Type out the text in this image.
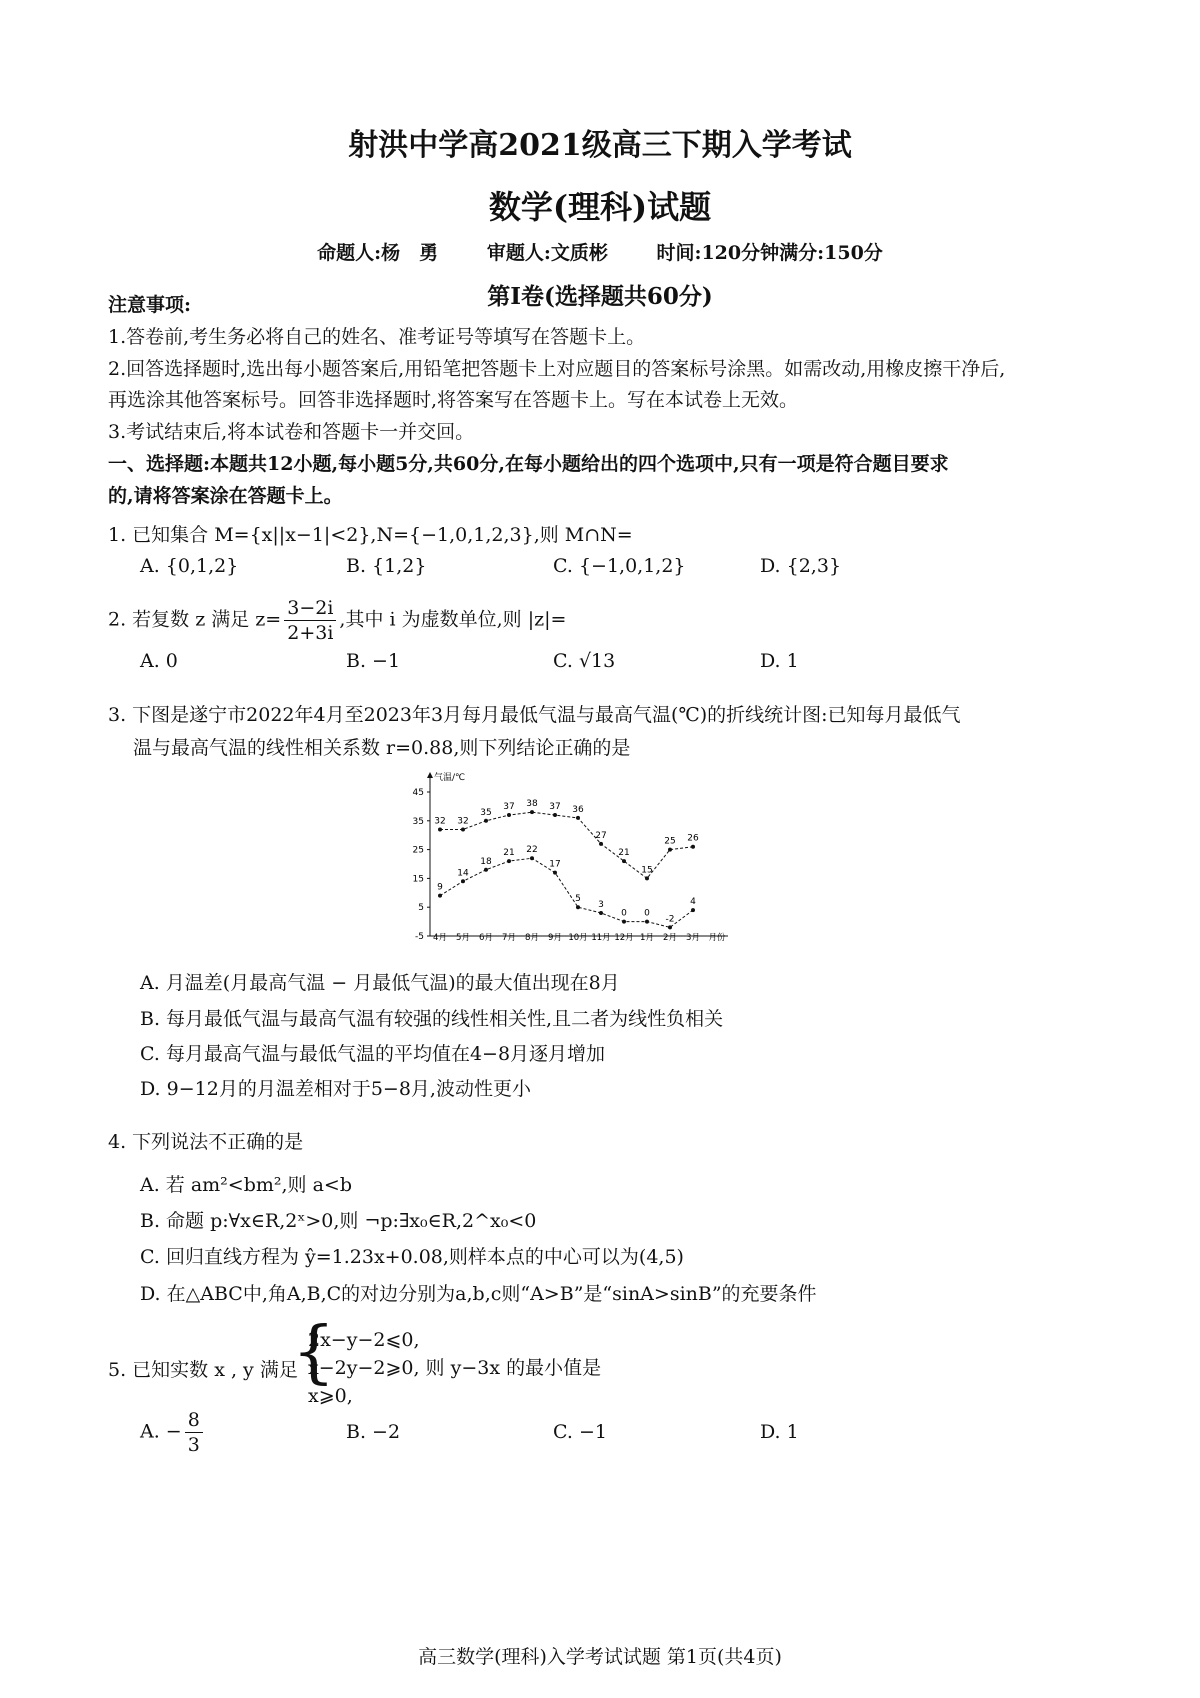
射洪中学高2021级高三下期入学考试
数学(理科)试题
命题人:杨　勇	审题人:文质彬	时间:120分钟满分:150分
第Ⅰ卷(选择题共60分)
注意事项:
1.答卷前,考生务必将自己的姓名、准考证号等填写在答题卡上。
2.回答选择题时,选出每小题答案后,用铅笔把答题卡上对应题目的答案标号涂黑。如需改动,用橡皮擦干净后,
再选涂其他答案标号。回答非选择题时,将答案写在答题卡上。写在本试卷上无效。
3.考试结束后,将本试卷和答题卡一并交回。
一、选择题:本题共12小题,每小题5分,共60分,在每小题给出的四个选项中,只有一项是符合题目要求
的,请将答案涂在答题卡上。
1. 已知集合 M={x||x−1|<2},N={−1,0,1,2,3},则 M∩N=
A. {0,1,2}	B. {1,2}	C. {−1,0,1,2}	D. {2,3}
2. 若复数 z 满足 $z= \frac{3-2i}{2+3i}$ ,其中 i 为虚数单位,则 |z|=
A. 0	B. −1	C. √13	D. 1
3. 下图是遂宁市2022年4月至2023年3月每月最低气温与最高气温(℃)的折线统计图:已知每月最低气
温与最高气温的线性相关系数 r=0.88,则下列结论正确的是
气温/℃
-5
5
15
25
35
45
4月 5月 6月 7月 8月 9月 10月 11月 12月 1月 2月 3月 月份
32 32
35
37 38 37 36
27
21
15
25 26
9
14
18
21 22
17
5
3
0 0
-2
4
A. 月温差(月最高气温 − 月最低气温)的最大值出现在8月
B. 每月最低气温与最高气温有较强的线性相关性,且二者为线性负相关
C. 每月最高气温与最低气温的平均值在4−8月逐月增加
D. 9−12月的月温差相对于5−8月,波动性更小
4. 下列说法不正确的是
A. 若 am²<bm²,则 a<b
B. 命题 p:∀x∈R,2ˣ>0,则 ¬p:∃x₀∈R,2^x₀<0
C. 回归直线方程为 ŷ=1.23x+0.08,则样本点的中心可以为(4,5)
D. 在△ABC中,角A,B,C的对边分别为a,b,c则“A>B”是“sinA>sinB”的充要条件
5. 已知实数 x , y 满足
{
2x−y−2⩽0,
x−2y−2⩾0, 则 y−3x 的最小值是
x⩾0,
A. − $\frac{8}{3}$	B. −2	C. −1	D. 1
高三数学(理科)入学考试试题 第1页(共4页)
